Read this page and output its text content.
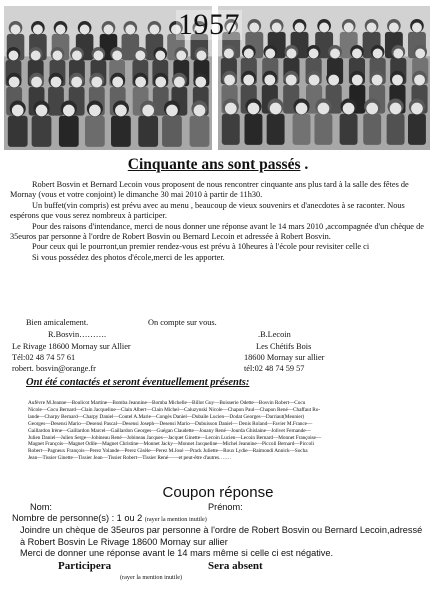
1957
Cinquante ans sont passés .

Robert Bosvin et Bernard Lecoin vous proposent de nous rencontrer cinquante ans plus tard à la salle des fêtes de Mornay (vous et votre conjoint) le dimanche 30 mai 2010 à partir de 11h30.

Un buffet(vin compris) est prévu avec au menu , beaucoup de vieux souvenirs et d'anecdotes à se raconter. Nous espérons que vous serez nombreux à participer.

Pour des raisons d'intendance, merci de nous donner une réponse avant le 14 mars 2010 ,accompagnée d'un chèque de 35euros par personne à l'ordre de Robert Bosvin ou Bernard Lecoin et adressée à Robert Bosvin.

Pour ceux qui le pourront,un premier rendez-vous est prévu à 10heures à l'école pour revisiter celle ci

Si vous possédez des photos d'école,merci de les apporter.

Bien amicalement.	On compte sur vous.
R.Bosvin……….
Le Rivage 18600 Mornay sur Allier
Tél:02 48 74 57 61
robert. bosvin@orange.fr
.B.Lecoin
Les Chétifs Bois
18600 Mornay sur allier
tél:02 48 74 59 57
Ont été contactés et seront éventuellement présents:
Aufèvre M.Jeanne—Boulicot Martine—Bomba Jeannine—Bomba Michelle—Billot Guy—Boisserie Odette—Bosvin Robert—Cocu
Nicole—Cocu Bernard—Clain Jacqueline—Clain Albert—Clain Michel—Caluzynski Nicole—Chapon Paul—Chapon René—Chaffaut Ro-
lande—Charpy Bernard—Charpy Daniel—Coutel A.Marie—Congès Daniel—Dubaile Lucien—Dodat Georges—Darriaut(Meunier)
Georges—Desensi Mario—Desensi Pascal—Desensi Joseph—Desensi Mario—Dubuisson Daniel— Denis Roland—Favier M.France—
Gaillardon Irène—Gaillardon Marcel—Gaillardon Georges—Guégan Claudette—Jouany René—Jourda Ghislaine—Jolivet Fernande—
Julien Daniel—Julien Serge—Jobineau René—Jobineau Jacques—Jacquet Ginette—Lecoin Lucien—Lecoin Bernard—Monnet Françoise—
Magnet François—Magnet Odile—Magnet Christine—Monnet Jacky—Monnet Jacqueline—Michel Jeannine—Piccoli Bernard—Piccoli
Robert—Pagneux François—Perez Yolande—Perez Gisèle—Perez M.José —Prack Juliette—Roux Lydie—Raimondi Annick—Socha
Jean—Tissier Ginette—Tissier Jean—Tissier Robert—Tissier René——et peut-être d'autres…….
Coupon réponse
Nom:	Prénom:
Nombre de personne(s) : 1 ou 2 (rayer la mention inutile)
Joindre un chèque de 35euros par personne à l'ordre de Robert Bosvin ou Bernard Lecoin,adressé à Robert Bosvin Le Rivage 18600 Mornay sur allier
Merci de donner une réponse avant le 14 mars même si celle ci est négative.
Participera	Sera absent
(rayer la mention inutile)
